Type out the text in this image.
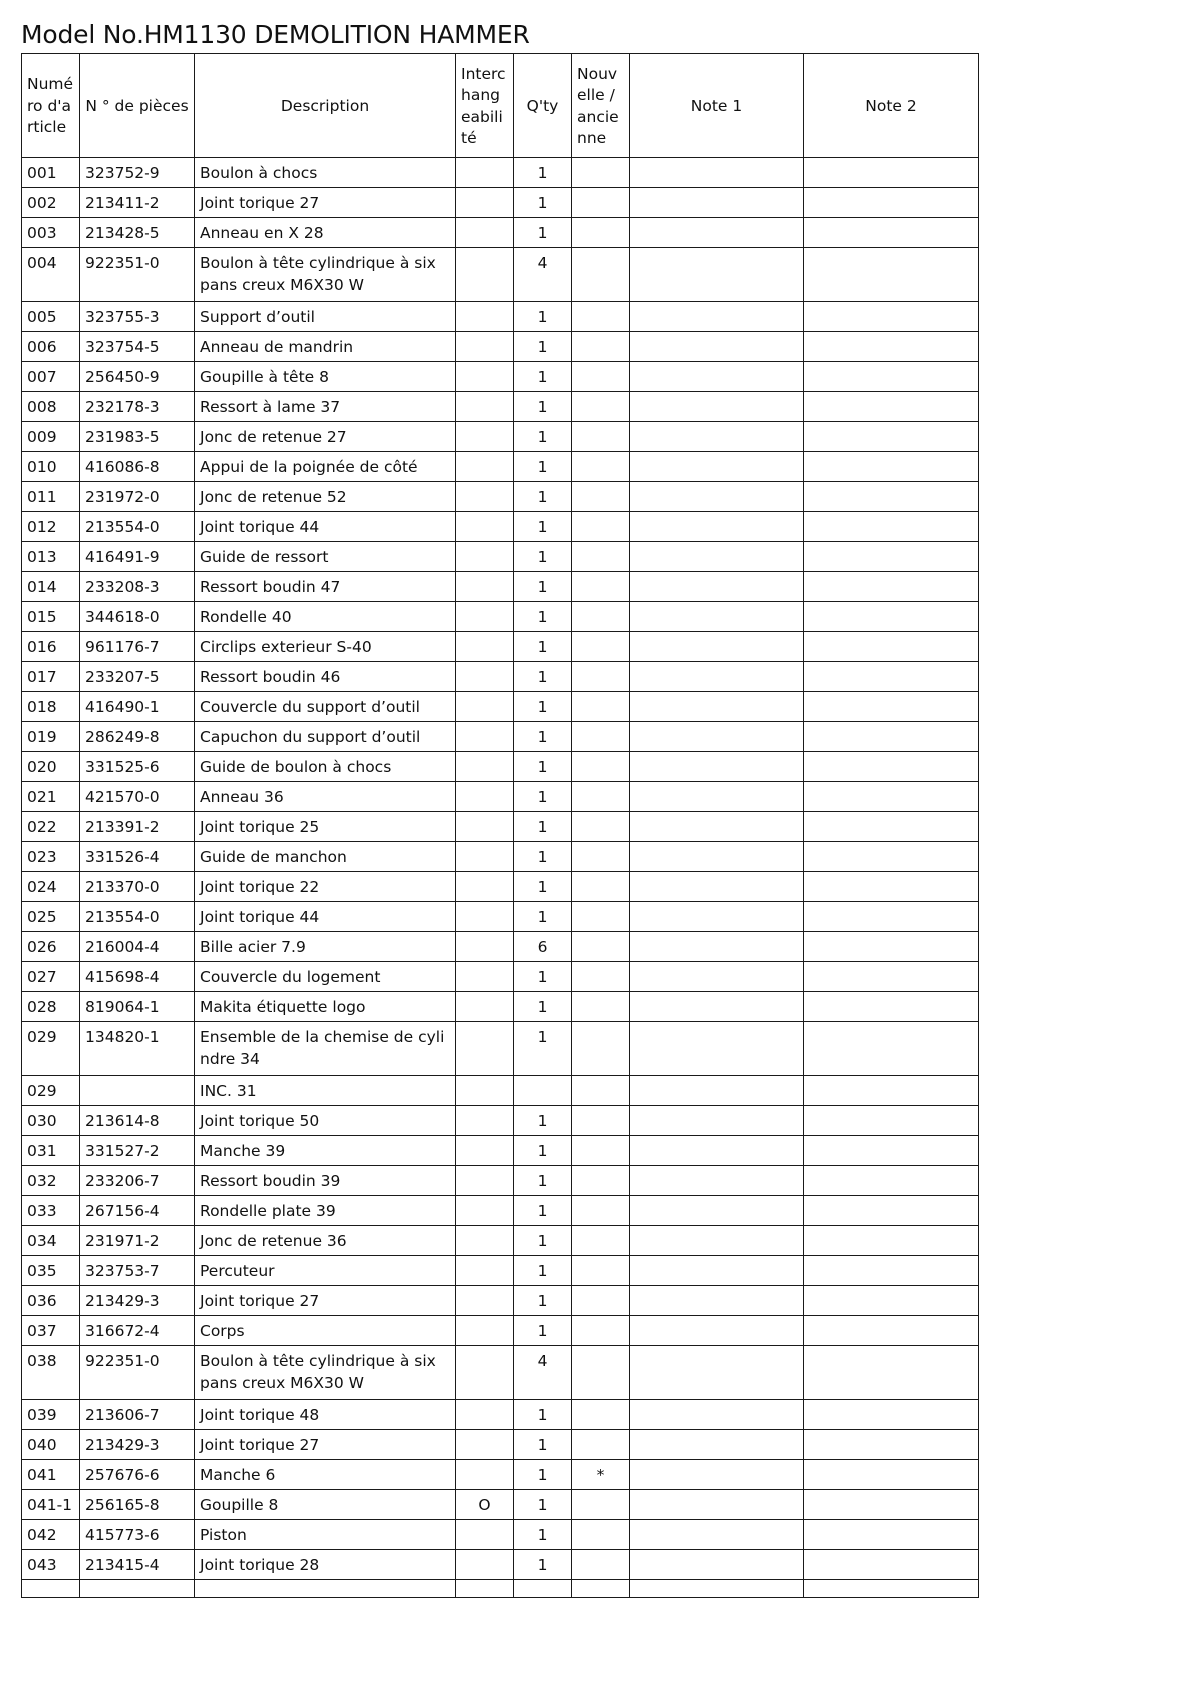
Model No.HM1130 DEMOLITION HAMMER
Numéro d'article	N ° de pièces	Description	Interchangeabilité	Q'ty	Nouvelle / ancienne	Note 1	Note 2
001	323752-9	Boulon à chocs		1			
002	213411-2	Joint torique 27		1			
003	213428-5	Anneau en X 28		1			
004	922351-0	Boulon à tête cylindrique à six pans creux M6X30 W		4			
005	323755-3	Support d’outil		1			
006	323754-5	Anneau de mandrin		1			
007	256450-9	Goupille à tête 8		1			
008	232178-3	Ressort à lame 37		1			
009	231983-5	Jonc de retenue 27		1			
010	416086-8	Appui de la poignée de côté		1			
011	231972-0	Jonc de retenue 52		1			
012	213554-0	Joint torique 44		1			
013	416491-9	Guide de ressort		1			
014	233208-3	Ressort boudin 47		1			
015	344618-0	Rondelle 40		1			
016	961176-7	Circlips exterieur S-40		1			
017	233207-5	Ressort boudin 46		1			
018	416490-1	Couvercle du support d’outil		1			
019	286249-8	Capuchon du support d’outil		1			
020	331525-6	Guide de boulon à chocs		1			
021	421570-0	Anneau 36		1			
022	213391-2	Joint torique 25		1			
023	331526-4	Guide de manchon		1			
024	213370-0	Joint torique 22		1			
025	213554-0	Joint torique 44		1			
026	216004-4	Bille acier 7.9		6			
027	415698-4	Couvercle du logement		1			
028	819064-1	Makita étiquette logo		1			
029	134820-1	Ensemble de la chemise de cylindre 34		1			
029		INC. 31					
030	213614-8	Joint torique 50		1			
031	331527-2	Manche 39		1			
032	233206-7	Ressort boudin 39		1			
033	267156-4	Rondelle plate 39		1			
034	231971-2	Jonc de retenue 36		1			
035	323753-7	Percuteur		1			
036	213429-3	Joint torique 27		1			
037	316672-4	Corps		1			
038	922351-0	Boulon à tête cylindrique à six pans creux M6X30 W		4			
039	213606-7	Joint torique 48		1			
040	213429-3	Joint torique 27		1			
041	257676-6	Manche 6		1	*		
041-1	256165-8	Goupille 8	O	1			
042	415773-6	Piston		1			
043	213415-4	Joint torique 28		1			
